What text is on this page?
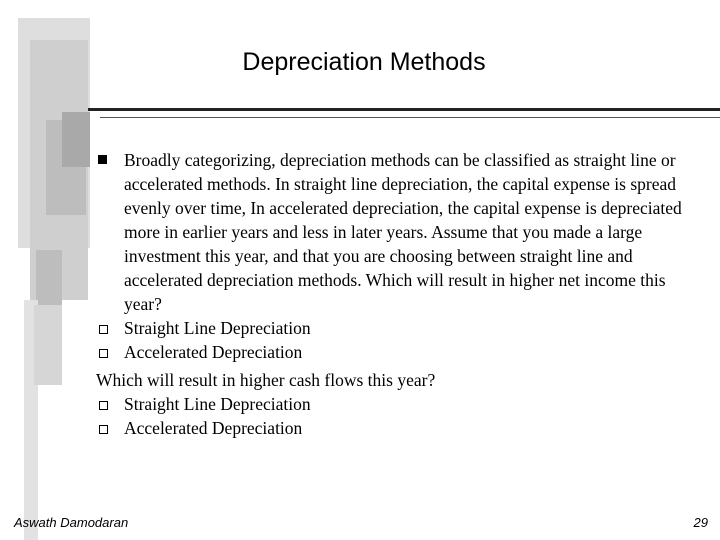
Depreciation Methods
Broadly categorizing, depreciation methods can be classified as straight line or accelerated methods. In straight line depreciation, the capital expense is spread evenly over time, In accelerated depreciation, the capital expense is depreciated more in earlier years and less in later years. Assume that you made a large investment this year, and that you are choosing between straight line and accelerated depreciation methods. Which will result in higher net income this year?
Straight Line Depreciation
Accelerated Depreciation
Which will result in higher cash flows this year?
Straight Line Depreciation
Accelerated Depreciation
Aswath Damodaran	29
